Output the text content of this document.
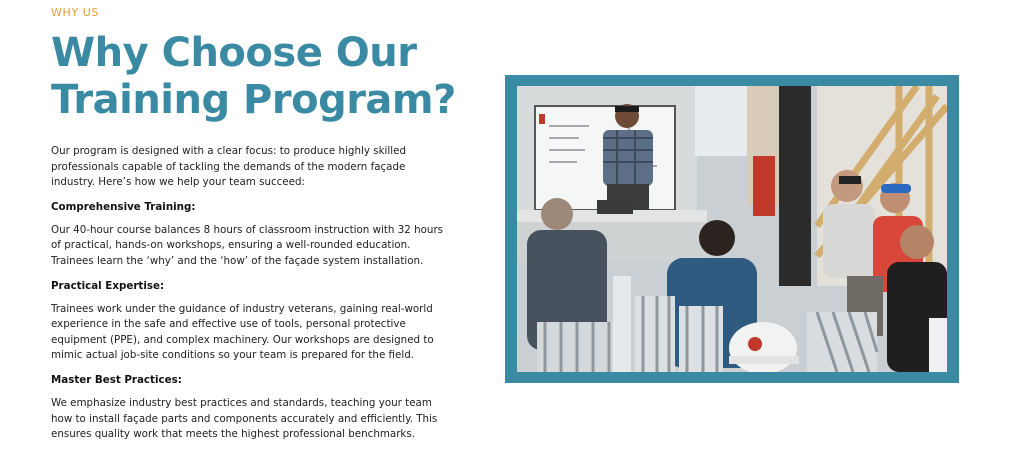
WHY US
Why Choose Our Training Program?

Our program is designed with a clear focus: to produce highly skilled professionals capable of tackling the demands of the modern façade industry. Here’s how we help your team succeed:

Comprehensive Training:

Our 40-hour course balances 8 hours of classroom instruction with 32 hours of practical, hands-on workshops, ensuring a well-rounded education. Trainees learn the ‘why’ and the ‘how’ of the façade system installation.

Practical Expertise:

Trainees work under the guidance of industry veterans, gaining real-world experience in the safe and effective use of tools, personal protective equipment (PPE), and complex machinery. Our workshops are designed to mimic actual job-site conditions so your team is prepared for the field.

Master Best Practices:

We emphasize industry best practices and standards, teaching your team how to install façade parts and components accurately and efficiently. This ensures quality work that meets the highest professional benchmarks.
